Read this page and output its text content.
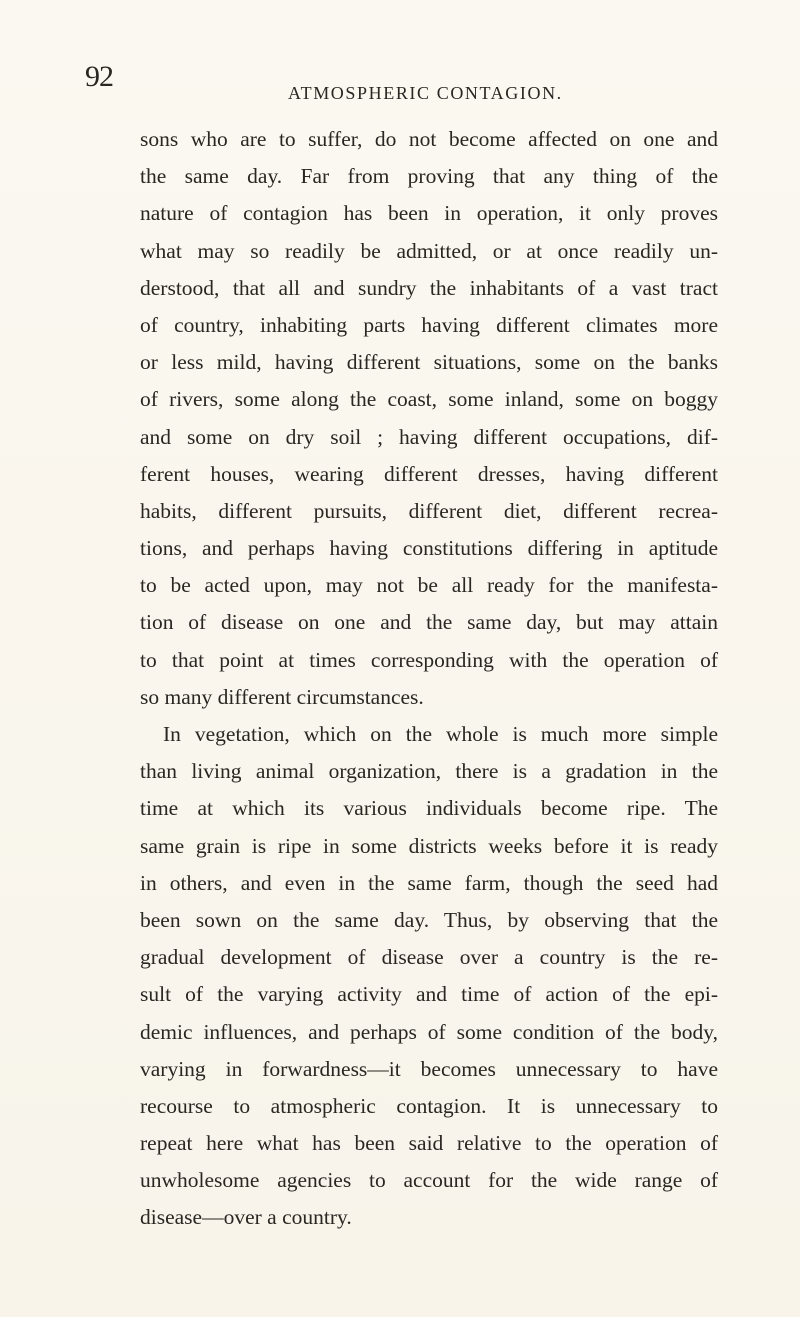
92	ATMOSPHERIC CONTAGION.
sons who are to suffer, do not become affected on one and
the same day. Far from proving that any thing of the
nature of contagion has been in operation, it only proves
what may so readily be admitted, or at once readily un-
derstood, that all and sundry the inhabitants of a vast tract
of country, inhabiting parts having different climates more
or less mild, having different situations, some on the banks
of rivers, some along the coast, some inland, some on boggy
and some on dry soil ; having different occupations, dif-
ferent houses, wearing different dresses, having different
habits, different pursuits, different diet, different recrea-
tions, and perhaps having constitutions differing in aptitude
to be acted upon, may not be all ready for the manifesta-
tion of disease on one and the same day, but may attain
to that point at times corresponding with the operation of
so many different circumstances.
In vegetation, which on the whole is much more simple
than living animal organization, there is a gradation in the
time at which its various individuals become ripe. The
same grain is ripe in some districts weeks before it is ready
in others, and even in the same farm, though the seed had
been sown on the same day. Thus, by observing that the
gradual development of disease over a country is the re-
sult of the varying activity and time of action of the epi-
demic influences, and perhaps of some condition of the body,
varying in forwardness—it becomes unnecessary to have
recourse to atmospheric contagion. It is unnecessary to
repeat here what has been said relative to the operation of
unwholesome agencies to account for the wide range of
disease—over a country.
